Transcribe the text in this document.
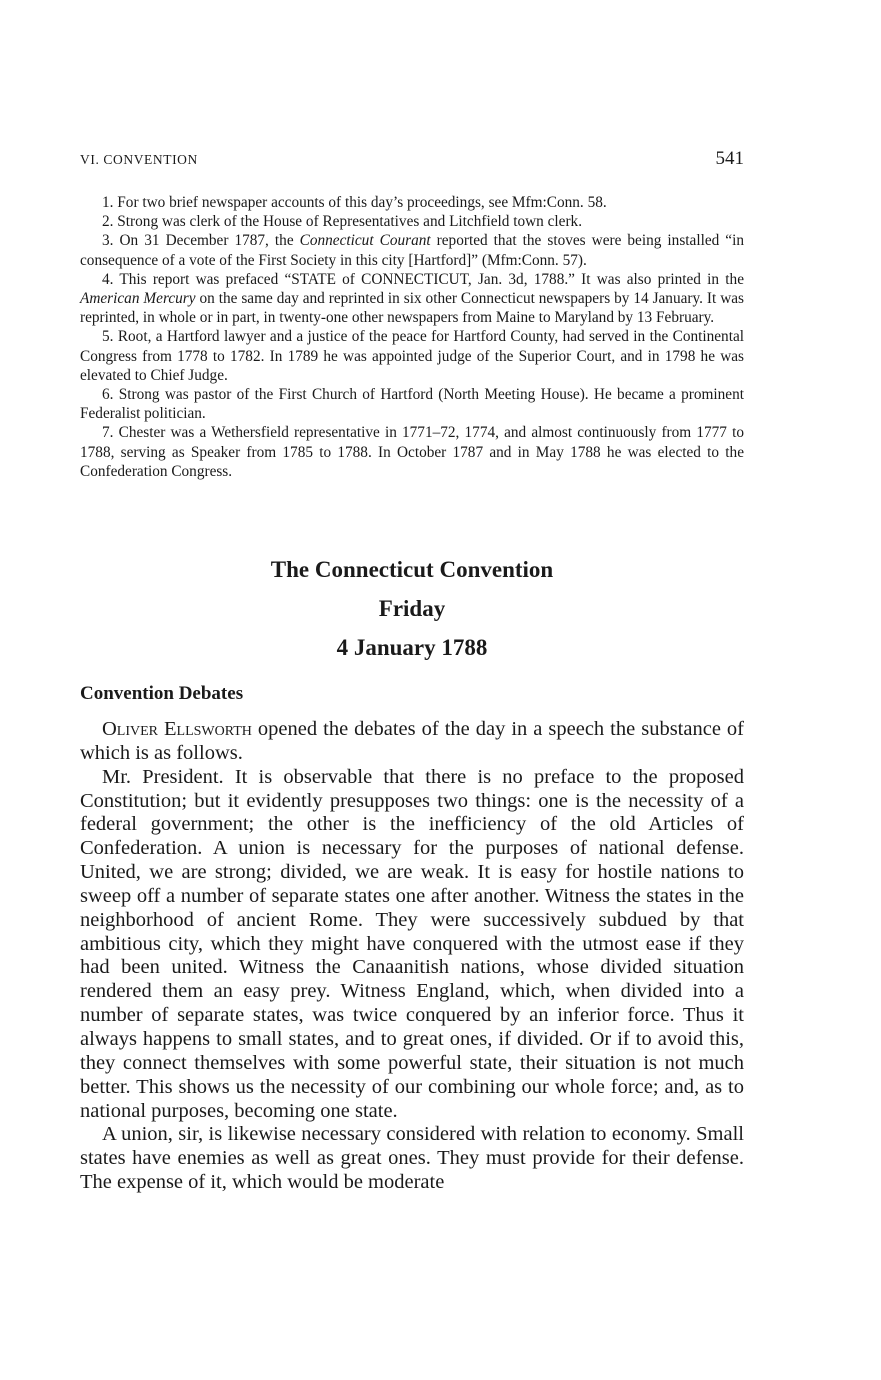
VI. CONVENTION	541

1. For two brief newspaper accounts of this day’s proceedings, see Mfm:Conn. 58.

2. Strong was clerk of the House of Representatives and Litchfield town clerk.

3. On 31 December 1787, the Connecticut Courant reported that the stoves were being installed “in consequence of a vote of the First Society in this city [Hartford]” (Mfm:Conn. 57).

4. This report was prefaced “STATE of CONNECTICUT, Jan. 3d, 1788.” It was also printed in the American Mercury on the same day and reprinted in six other Connecticut newspapers by 14 January. It was reprinted, in whole or in part, in twenty-one other newspapers from Maine to Maryland by 13 February.

5. Root, a Hartford lawyer and a justice of the peace for Hartford County, had served in the Continental Congress from 1778 to 1782. In 1789 he was appointed judge of the Superior Court, and in 1798 he was elevated to Chief Judge.

6. Strong was pastor of the First Church of Hartford (North Meeting House). He became a prominent Federalist politician.

7. Chester was a Wethersfield representative in 1771–72, 1774, and almost continuously from 1777 to 1788, serving as Speaker from 1785 to 1788. In October 1787 and in May 1788 he was elected to the Confederation Congress.

The Connecticut Convention
Friday
4 January 1788
Convention Debates

Oliver Ellsworth opened the debates of the day in a speech the substance of which is as follows.

Mr. President. It is observable that there is no preface to the proposed Constitution; but it evidently presupposes two things: one is the necessity of a federal government; the other is the inefficiency of the old Articles of Confederation. A union is necessary for the purposes of national defense. United, we are strong; divided, we are weak. It is easy for hostile nations to sweep off a number of separate states one after another. Witness the states in the neighborhood of ancient Rome. They were successively subdued by that ambitious city, which they might have conquered with the utmost ease if they had been united. Witness the Canaanitish nations, whose divided situation rendered them an easy prey. Witness England, which, when divided into a number of separate states, was twice conquered by an inferior force. Thus it always happens to small states, and to great ones, if divided. Or if to avoid this, they connect themselves with some powerful state, their situation is not much better. This shows us the necessity of our combining our whole force; and, as to national purposes, becoming one state.

A union, sir, is likewise necessary considered with relation to economy. Small states have enemies as well as great ones. They must provide for their defense. The expense of it, which would be moderate
